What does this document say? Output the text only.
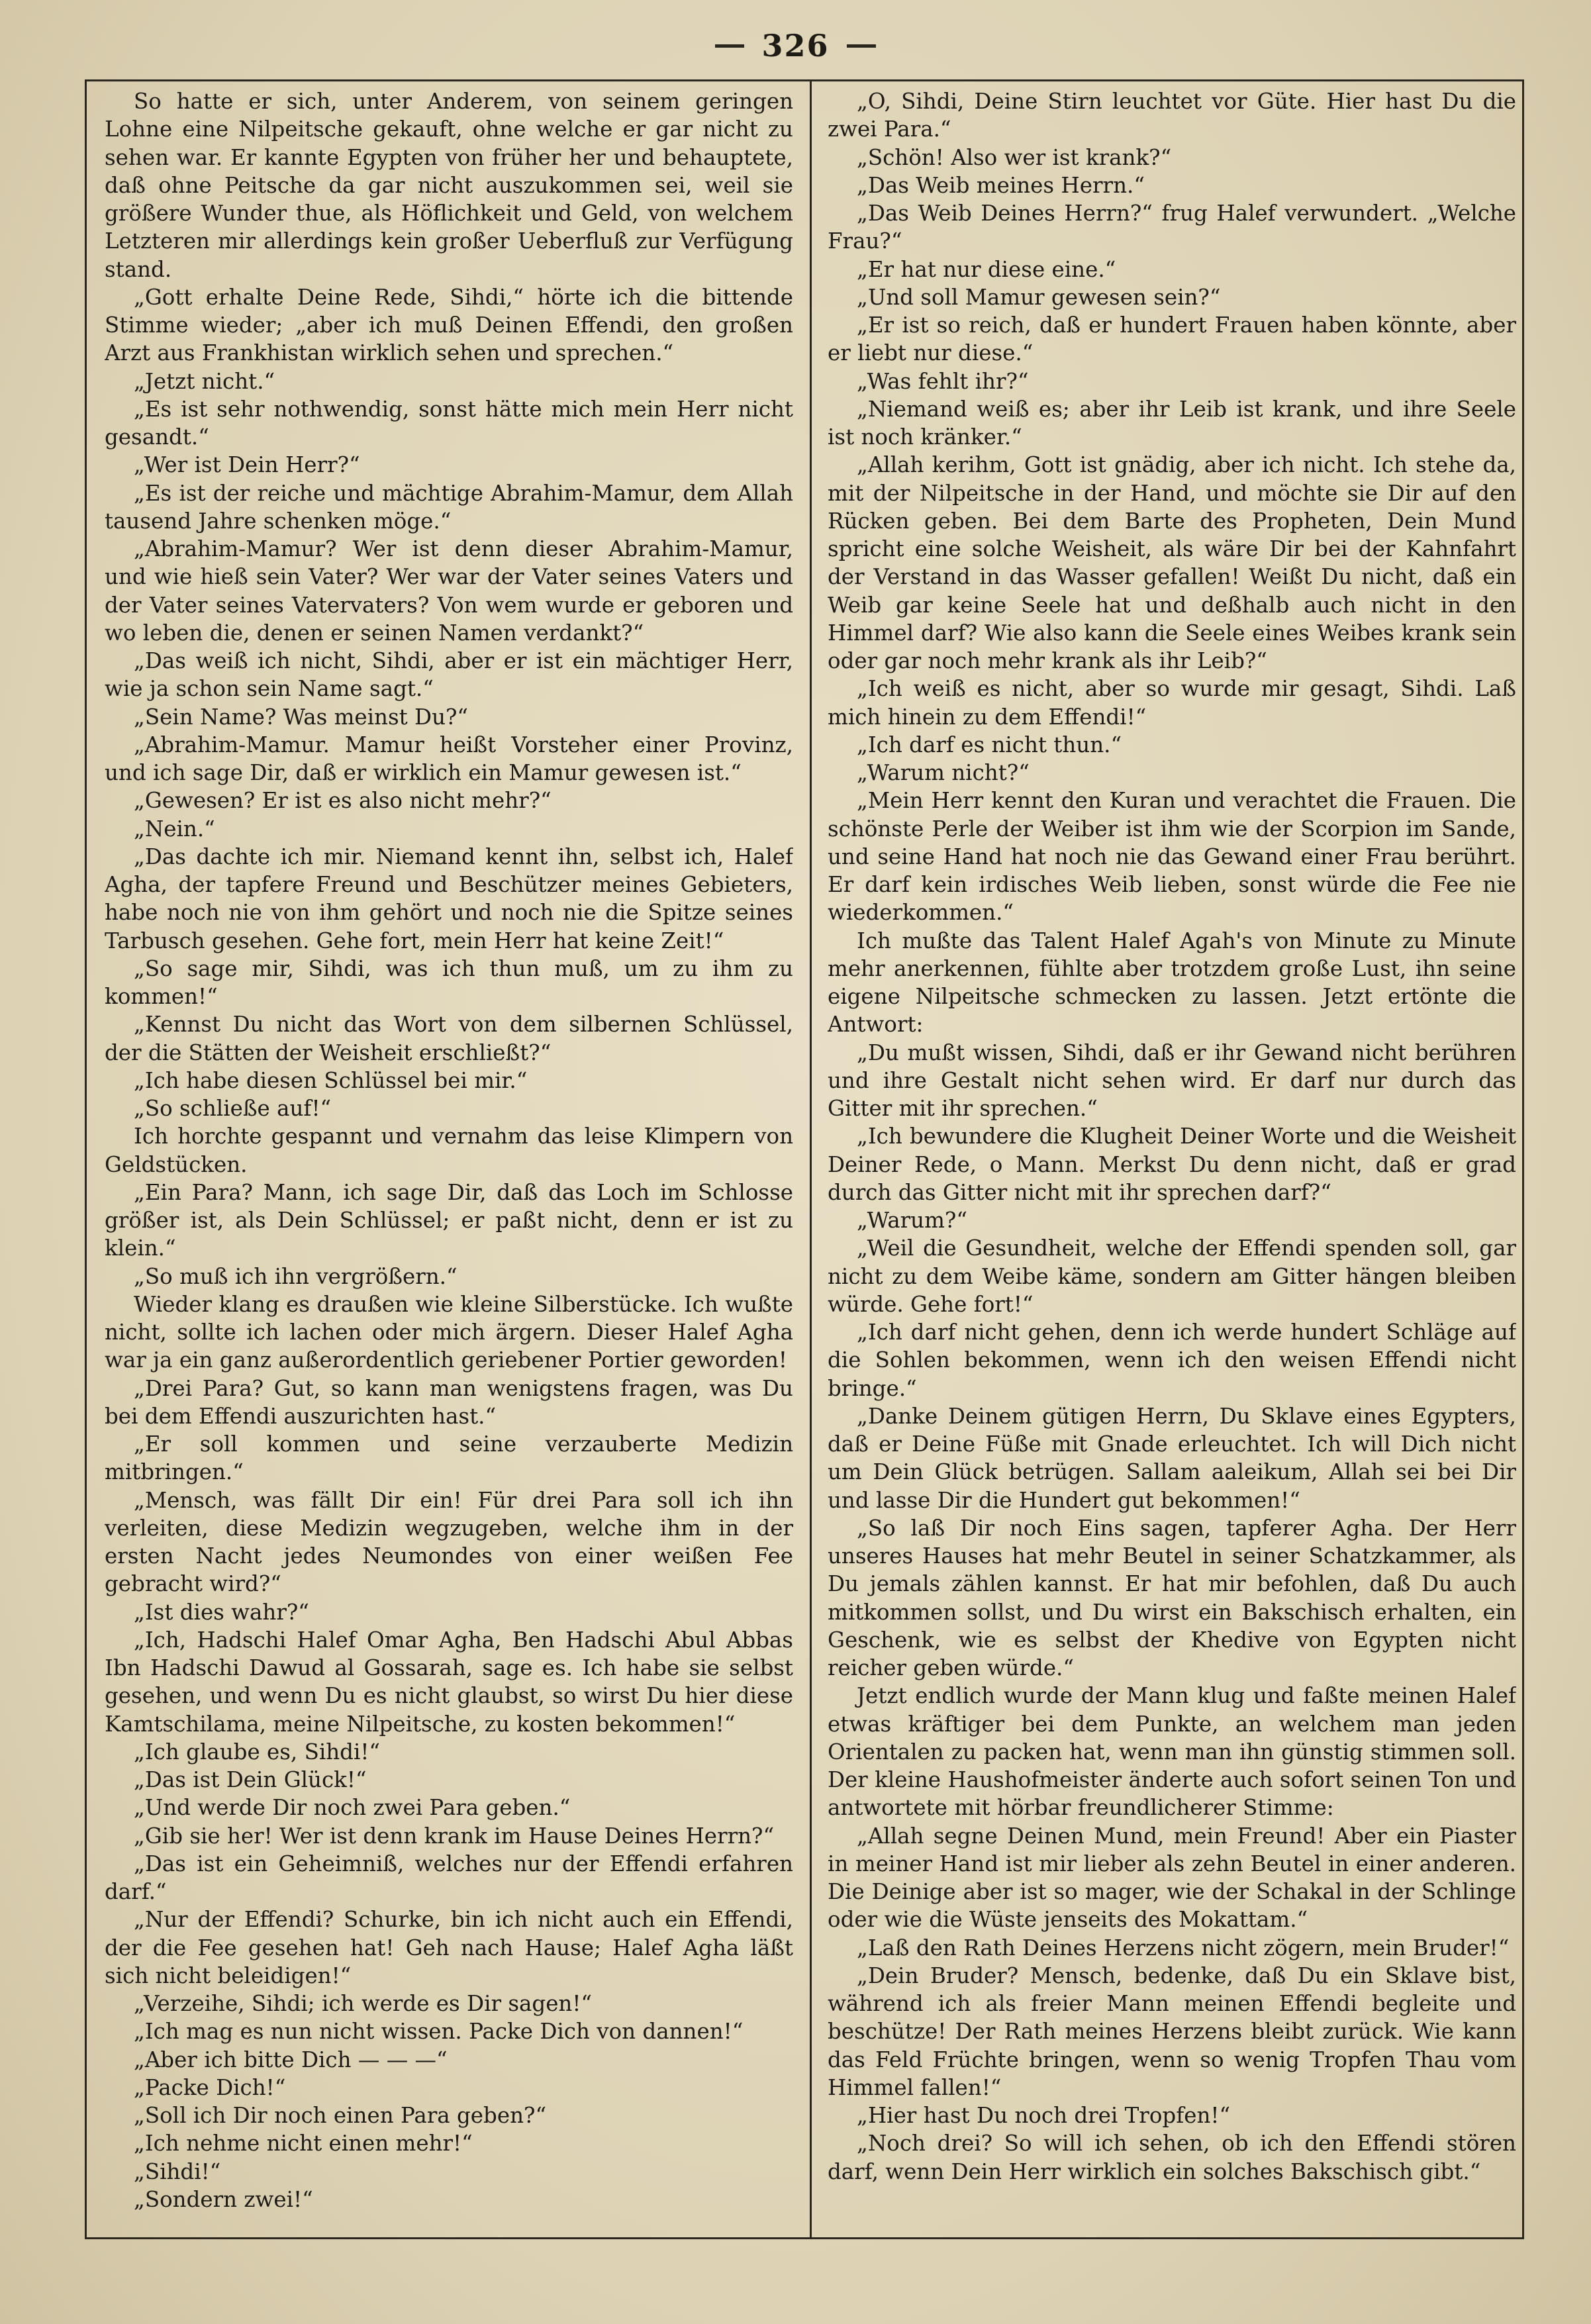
326

So hatte er sich, unter Anderem, von seinem geringen Lohne eine Nilpeitsche gekauft, ohne welche er gar nicht zu sehen war. Er kannte Egypten von früher her und behauptete, daß ohne Peitsche da gar nicht auszukommen sei, weil sie größere Wunder thue, als Höflichkeit und Geld, von welchem Letzteren mir allerdings kein großer Ueberfluß zur Verfügung stand.

„Gott erhalte Deine Rede, Sihdi,“ hörte ich die bittende Stimme wieder; „aber ich muß Deinen Effendi, den großen Arzt aus Frankhistan wirklich sehen und sprechen.“

„Jetzt nicht.“

„Es ist sehr nothwendig, sonst hätte mich mein Herr nicht gesandt.“

„Wer ist Dein Herr?“

„Es ist der reiche und mächtige Abrahim-Mamur, dem Allah tausend Jahre schenken möge.“

„Abrahim-Mamur? Wer ist denn dieser Abrahim-Mamur, und wie hieß sein Vater? Wer war der Vater seines Vaters und der Vater seines Vatervaters? Von wem wurde er geboren und wo leben die, denen er seinen Namen verdankt?“

„Das weiß ich nicht, Sihdi, aber er ist ein mächtiger Herr, wie ja schon sein Name sagt.“

„Sein Name? Was meinst Du?“

„Abrahim-Mamur. Mamur heißt Vorsteher einer Provinz, und ich sage Dir, daß er wirklich ein Mamur gewesen ist.“

„Gewesen? Er ist es also nicht mehr?“

„Nein.“

„Das dachte ich mir. Niemand kennt ihn, selbst ich, Halef Agha, der tapfere Freund und Beschützer meines Gebieters, habe noch nie von ihm gehört und noch nie die Spitze seines Tarbusch gesehen. Gehe fort, mein Herr hat keine Zeit!“

„So sage mir, Sihdi, was ich thun muß, um zu ihm zu kommen!“

„Kennst Du nicht das Wort von dem silbernen Schlüssel, der die Stätten der Weisheit erschließt?“

„Ich habe diesen Schlüssel bei mir.“

„So schließe auf!“

Ich horchte gespannt und vernahm das leise Klimpern von Geldstücken.

„Ein Para? Mann, ich sage Dir, daß das Loch im Schlosse größer ist, als Dein Schlüssel; er paßt nicht, denn er ist zu klein.“

„So muß ich ihn vergrößern.“

Wieder klang es draußen wie kleine Silberstücke. Ich wußte nicht, sollte ich lachen oder mich ärgern. Dieser Halef Agha war ja ein ganz außerordentlich geriebener Portier geworden!

„Drei Para? Gut, so kann man wenigstens fragen, was Du bei dem Effendi auszurichten hast.“

„Er soll kommen und seine verzauberte Medizin mitbringen.“

„Mensch, was fällt Dir ein! Für drei Para soll ich ihn verleiten, diese Medizin wegzugeben, welche ihm in der ersten Nacht jedes Neumondes von einer weißen Fee gebracht wird?“

„Ist dies wahr?“

„Ich, Hadschi Halef Omar Agha, Ben Hadschi Abul Abbas Ibn Hadschi Dawud al Gossarah, sage es. Ich habe sie selbst gesehen, und wenn Du es nicht glaubst, so wirst Du hier diese Kamtschilama, meine Nilpeitsche, zu kosten bekommen!“

„Ich glaube es, Sihdi!“

„Das ist Dein Glück!“

„Und werde Dir noch zwei Para geben.“

„Gib sie her! Wer ist denn krank im Hause Deines Herrn?“

„Das ist ein Geheimniß, welches nur der Effendi erfahren darf.“

„Nur der Effendi? Schurke, bin ich nicht auch ein Effendi, der die Fee gesehen hat! Geh nach Hause; Halef Agha läßt sich nicht beleidigen!“

„Verzeihe, Sihdi; ich werde es Dir sagen!“

„Ich mag es nun nicht wissen. Packe Dich von dannen!“

„Aber ich bitte Dich — — —“

„Packe Dich!“

„Soll ich Dir noch einen Para geben?“

„Ich nehme nicht einen mehr!“

„Sihdi!“

„Sondern zwei!“

„O, Sihdi, Deine Stirn leuchtet vor Güte. Hier hast Du die zwei Para.“

„Schön! Also wer ist krank?“

„Das Weib meines Herrn.“

„Das Weib Deines Herrn?“ frug Halef verwundert. „Welche Frau?“

„Er hat nur diese eine.“

„Und soll Mamur gewesen sein?“

„Er ist so reich, daß er hundert Frauen haben könnte, aber er liebt nur diese.“

„Was fehlt ihr?“

„Niemand weiß es; aber ihr Leib ist krank, und ihre Seele ist noch kränker.“

„Allah kerihm, Gott ist gnädig, aber ich nicht. Ich stehe da, mit der Nilpeitsche in der Hand, und möchte sie Dir auf den Rücken geben. Bei dem Barte des Propheten, Dein Mund spricht eine solche Weisheit, als wäre Dir bei der Kahnfahrt der Verstand in das Wasser gefallen! Weißt Du nicht, daß ein Weib gar keine Seele hat und deßhalb auch nicht in den Himmel darf? Wie also kann die Seele eines Weibes krank sein oder gar noch mehr krank als ihr Leib?“

„Ich weiß es nicht, aber so wurde mir gesagt, Sihdi. Laß mich hinein zu dem Effendi!“

„Ich darf es nicht thun.“

„Warum nicht?“

„Mein Herr kennt den Kuran und verachtet die Frauen. Die schönste Perle der Weiber ist ihm wie der Scorpion im Sande, und seine Hand hat noch nie das Gewand einer Frau berührt. Er darf kein irdisches Weib lieben, sonst würde die Fee nie wiederkommen.“

Ich mußte das Talent Halef Agah's von Minute zu Minute mehr anerkennen, fühlte aber trotzdem große Lust, ihn seine eigene Nilpeitsche schmecken zu lassen. Jetzt ertönte die Antwort:

„Du mußt wissen, Sihdi, daß er ihr Gewand nicht berühren und ihre Gestalt nicht sehen wird. Er darf nur durch das Gitter mit ihr sprechen.“

„Ich bewundere die Klugheit Deiner Worte und die Weisheit Deiner Rede, o Mann. Merkst Du denn nicht, daß er grad durch das Gitter nicht mit ihr sprechen darf?“

„Warum?“

„Weil die Gesundheit, welche der Effendi spenden soll, gar nicht zu dem Weibe käme, sondern am Gitter hängen bleiben würde. Gehe fort!“

„Ich darf nicht gehen, denn ich werde hundert Schläge auf die Sohlen bekommen, wenn ich den weisen Effendi nicht bringe.“

„Danke Deinem gütigen Herrn, Du Sklave eines Egypters, daß er Deine Füße mit Gnade erleuchtet. Ich will Dich nicht um Dein Glück betrügen. Sallam aaleikum, Allah sei bei Dir und lasse Dir die Hundert gut bekommen!“

„So laß Dir noch Eins sagen, tapferer Agha. Der Herr unseres Hauses hat mehr Beutel in seiner Schatzkammer, als Du jemals zählen kannst. Er hat mir befohlen, daß Du auch mitkommen sollst, und Du wirst ein Bakschisch erhalten, ein Geschenk, wie es selbst der Khedive von Egypten nicht reicher geben würde.“

Jetzt endlich wurde der Mann klug und faßte meinen Halef etwas kräftiger bei dem Punkte, an welchem man jeden Orientalen zu packen hat, wenn man ihn günstig stimmen soll. Der kleine Haushofmeister änderte auch sofort seinen Ton und antwortete mit hörbar freundlicherer Stimme:

„Allah segne Deinen Mund, mein Freund! Aber ein Piaster in meiner Hand ist mir lieber als zehn Beutel in einer anderen. Die Deinige aber ist so mager, wie der Schakal in der Schlinge oder wie die Wüste jenseits des Mokattam.“

„Laß den Rath Deines Herzens nicht zögern, mein Bruder!“

„Dein Bruder? Mensch, bedenke, daß Du ein Sklave bist, während ich als freier Mann meinen Effendi begleite und beschütze! Der Rath meines Herzens bleibt zurück. Wie kann das Feld Früchte bringen, wenn so wenig Tropfen Thau vom Himmel fallen!“

„Hier hast Du noch drei Tropfen!“

„Noch drei? So will ich sehen, ob ich den Effendi stören darf, wenn Dein Herr wirklich ein solches Bakschisch gibt.“
